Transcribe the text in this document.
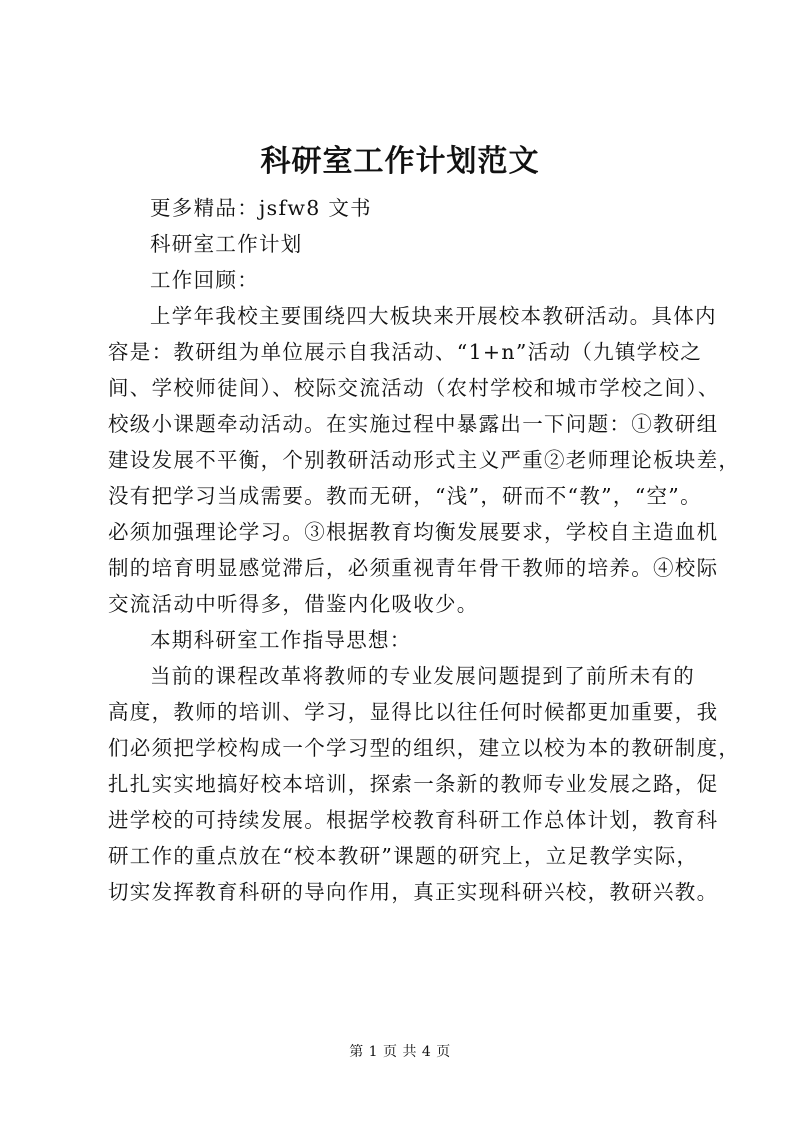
科研室工作计划范文
更多精品：jsfw8 文书
科研室工作计划
工作回顾：
上学年我校主要围绕四大板块来开展校本教研活动。具体内
容是：教研组为单位展示自我活动、“1+n”活动（九镇学校之
间、学校师徒间）、校际交流活动（农村学校和城市学校之间）、
校级小课题牵动活动。在实施过程中暴露出一下问题：①教研组
建设发展不平衡，个别教研活动形式主义严重②老师理论板块差，
没有把学习当成需要。教而无研，“浅”，研而不“教”，“空”。
必须加强理论学习。③根据教育均衡发展要求，学校自主造血机
制的培育明显感觉滞后，必须重视青年骨干教师的培养。④校际
交流活动中听得多，借鉴内化吸收少。
本期科研室工作指导思想：
当前的课程改革将教师的专业发展问题提到了前所未有的
高度，教师的培训、学习，显得比以往任何时候都更加重要，我
们必须把学校构成一个学习型的组织，建立以校为本的教研制度，
扎扎实实地搞好校本培训，探索一条新的教师专业发展之路，促
进学校的可持续发展。根据学校教育科研工作总体计划，教育科
研工作的重点放在“校本教研”课题的研究上，立足教学实际，
切实发挥教育科研的导向作用，真正实现科研兴校，教研兴教。
第 1 页 共 4 页
